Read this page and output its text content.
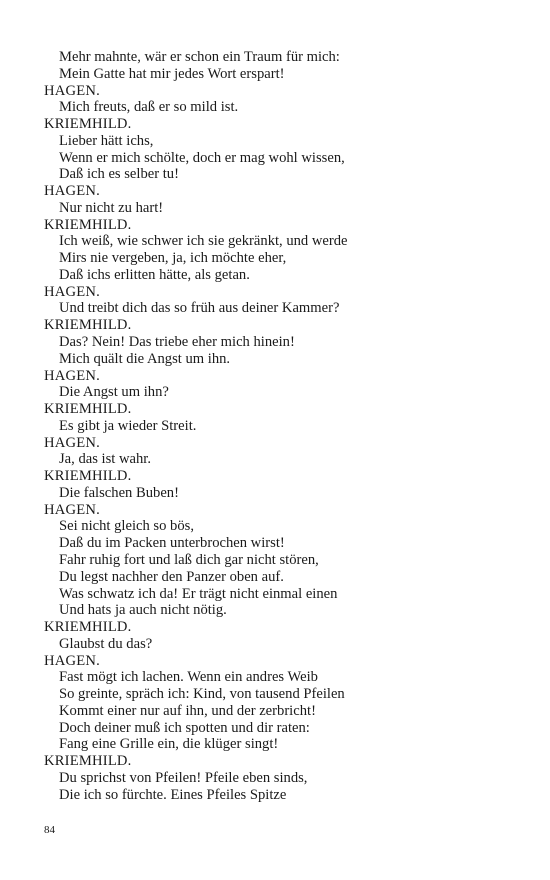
Mehr mahnte, wär er schon ein Traum für mich:
Mein Gatte hat mir jedes Wort erspart!
HAGEN.
Mich freuts, daß er so mild ist.
KRIEMHILD.
Lieber hätt ichs,
Wenn er mich schölte, doch er mag wohl wissen,
Daß ich es selber tu!
HAGEN.
Nur nicht zu hart!
KRIEMHILD.
Ich weiß, wie schwer ich sie gekränkt, und werde
Mirs nie vergeben, ja, ich möchte eher,
Daß ichs erlitten hätte, als getan.
HAGEN.
Und treibt dich das so früh aus deiner Kammer?
KRIEMHILD.
Das? Nein! Das triebe eher mich hinein!
Mich quält die Angst um ihn.
HAGEN.
Die Angst um ihn?
KRIEMHILD.
Es gibt ja wieder Streit.
HAGEN.
Ja, das ist wahr.
KRIEMHILD.
Die falschen Buben!
HAGEN.
Sei nicht gleich so bös,
Daß du im Packen unterbrochen wirst!
Fahr ruhig fort und laß dich gar nicht stören,
Du legst nachher den Panzer oben auf.
Was schwatz ich da! Er trägt nicht einmal einen
Und hats ja auch nicht nötig.
KRIEMHILD.
Glaubst du das?
HAGEN.
Fast mögt ich lachen. Wenn ein andres Weib
So greinte, spräch ich: Kind, von tausend Pfeilen
Kommt einer nur auf ihn, und der zerbricht!
Doch deiner muß ich spotten und dir raten:
Fang eine Grille ein, die klüger singt!
KRIEMHILD.
Du sprichst von Pfeilen! Pfeile eben sinds,
Die ich so fürchte. Eines Pfeiles Spitze
84
